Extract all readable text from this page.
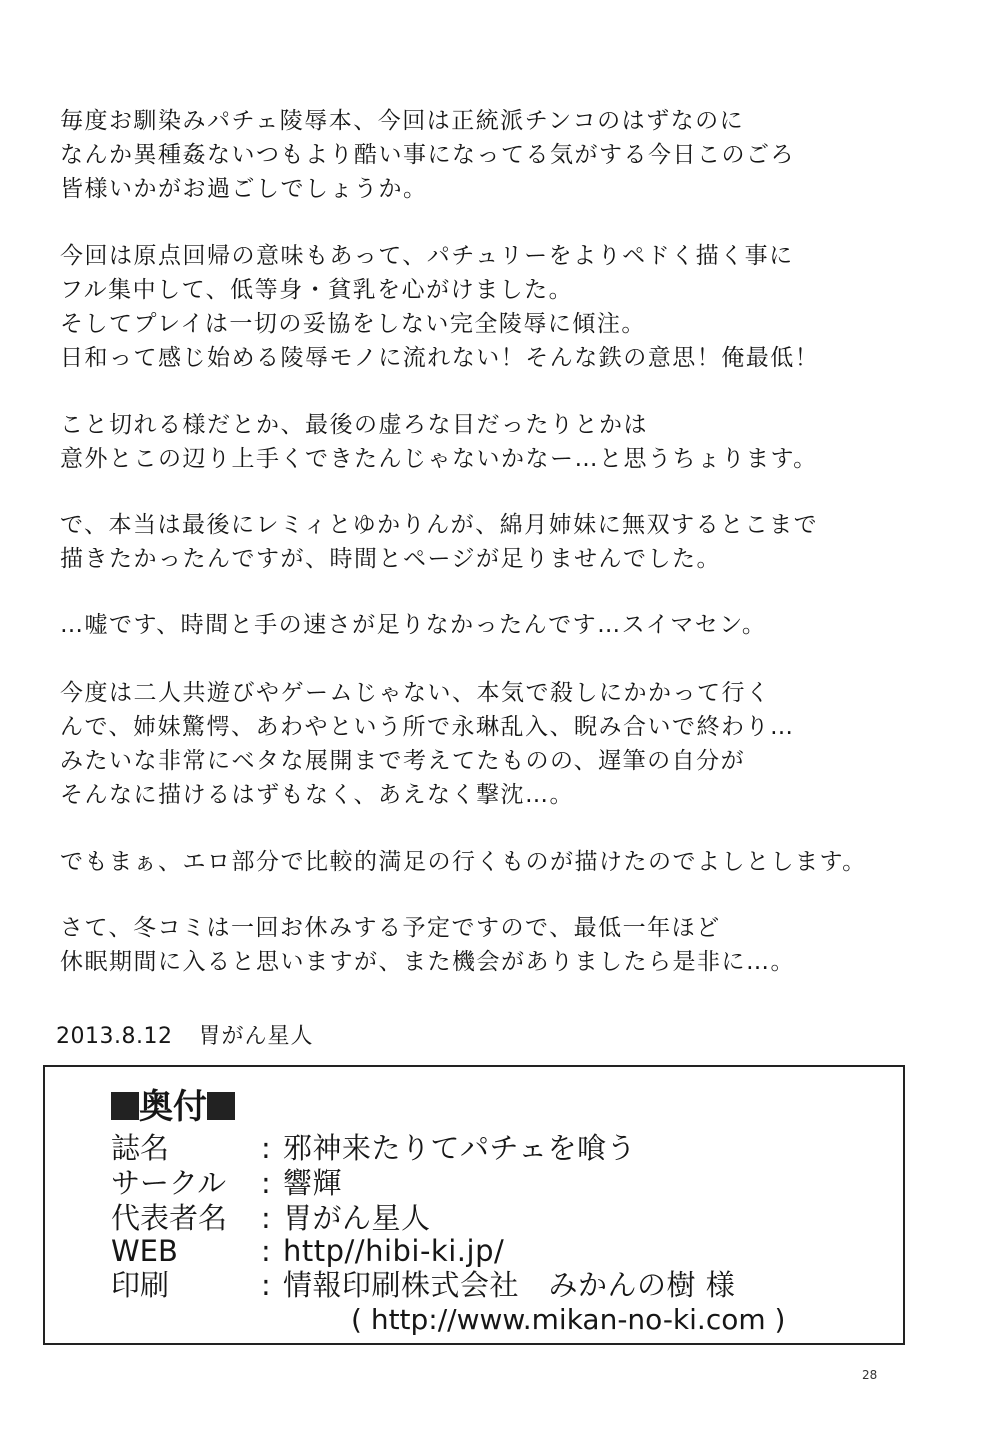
毎度お馴染みパチェ陵辱本、今回は正統派チンコのはずなのに
なんか異種姦ないつもより酷い事になってる気がする今日このごろ
皆様いかがお過ごしでしょうか。

今回は原点回帰の意味もあって、パチュリーをよりペドく描く事に
フル集中して、低等身・貧乳を心がけました。
そしてプレイは一切の妥協をしない完全陵辱に傾注。
日和って感じ始める陵辱モノに流れない！そんな鉄の意思！俺最低！

こと切れる様だとか、最後の虚ろな目だったりとかは
意外とこの辺り上手くできたんじゃないかなー…と思うちょります。

で、本当は最後にレミィとゆかりんが、綿月姉妹に無双するとこまで
描きたかったんですが、時間とページが足りませんでした。

…嘘です、時間と手の速さが足りなかったんです…スイマセン。

今度は二人共遊びやゲームじゃない、本気で殺しにかかって行く
んで、姉妹驚愕、あわやという所で永琳乱入、睨み合いで終わり…
みたいな非常にベタな展開まで考えてたものの、遅筆の自分が
そんなに描けるはずもなく、あえなく撃沈…。

でもまぁ、エロ部分で比較的満足の行くものが描けたのでよしとします。

さて、冬コミは一回お休みする予定ですので、最低一年ほど
休眠期間に入ると思いますが、また機会がありましたら是非に…。

2013.8.12 胃がん星人
奥付
誌名	: 邪神来たりてパチェを喰う
サークル : 響輝
代表者名 : 胃がん星人
WEB	: http//hibi-ki.jp/
印刷	: 情報印刷株式会社　みかんの樹 様
( http://www.mikan-no-ki.com )
28
